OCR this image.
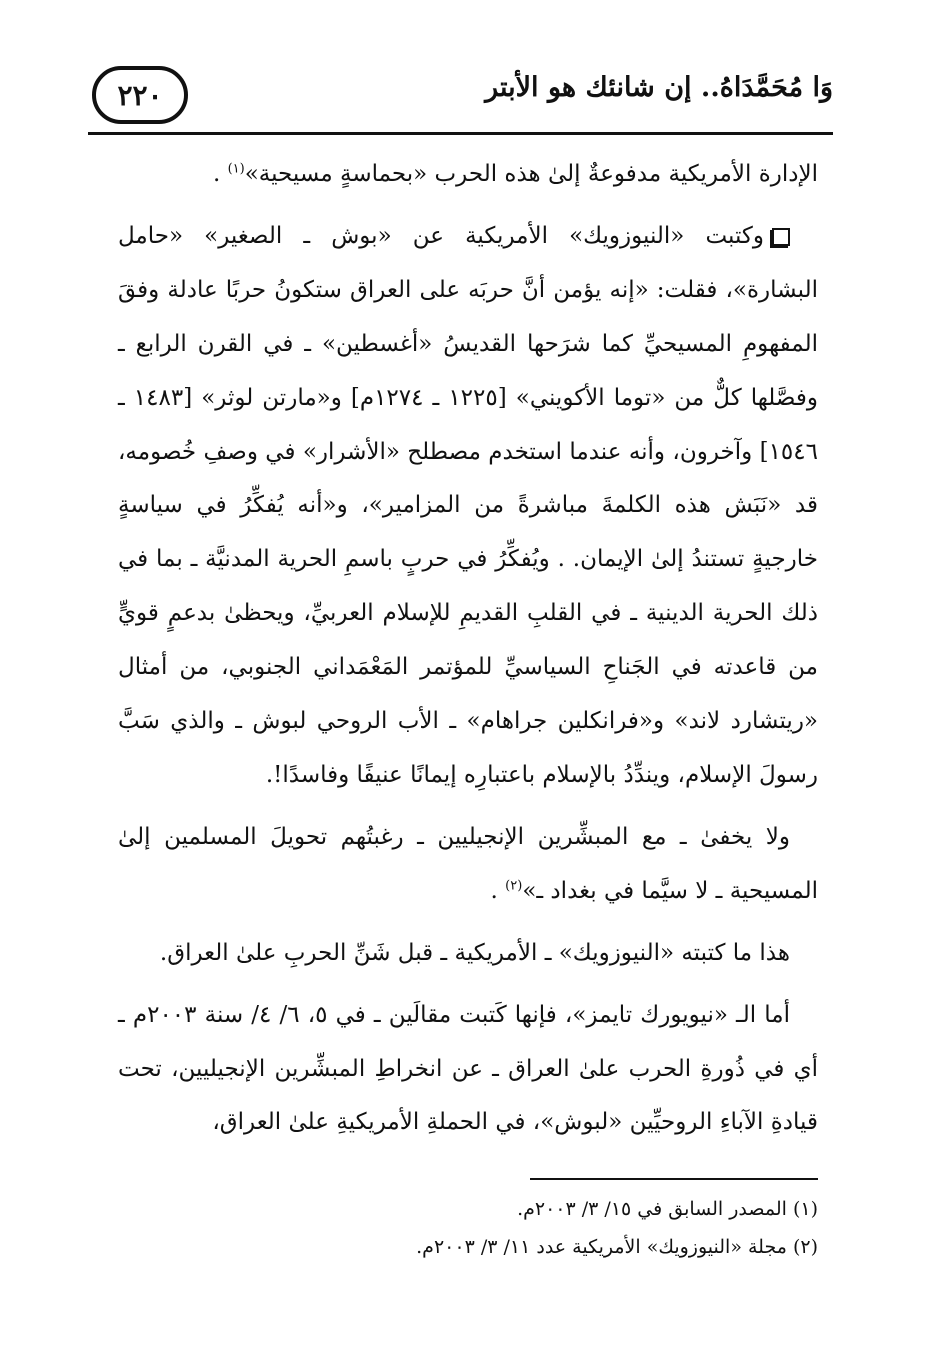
وَا مُحَمَّدَاهُ.. إن شانئك هو الأبتر
٢٢٠

الإدارة الأمريكية مدفوعةٌ إلىٰ هذه الحرب «بحماسةٍ مسيحية»$^{(١)}$ .

وكتبت «النيوزويك» الأمريكية عن «بوش ـ الصغير» «حامل البشارة»، فقلت: «إنه يؤمن أنَّ حربَه على العراق ستكونُ حربًا عادلة وفقَ المفهومِ المسيحيِّ كما شرَحها القديسُ «أغسطين» ـ في القرن الرابع ـ وفصَّلها كلٌّ من «توما الأكويني» [١٢٢٥ ـ ١٢٧٤م] و«مارتن لوثر» [١٤٨٣ ـ ١٥٤٦] وآخرون، وأنه عندما استخدم مصطلح «الأشرار» في وصفِ خُصومه، قد «نَبَش هذه الكلمةَ مباشرةً من المزامير»، و«أنه يُفكِّرُ في سياسةٍ خارجيةٍ تستندُ إلىٰ الإيمان. . ويُفكِّرُ في حربٍ باسمِ الحرية المدنيَّة ـ بما في ذلك الحرية الدينية ـ في القلبِ القديمِ للإسلام العربيِّ، ويحظىٰ بدعمٍ قويٍّ من قاعدته في الجَناحِ السياسيِّ للمؤتمر المَعْمَداني الجنوبي، من أمثال «ريتشارد لاند» و«فرانكلين جراهام» ـ الأب الروحي لبوش ـ والذي سَبَّ رسولَ الإسلام، ويندِّدُ بالإسلام باعتبارِه إيمانًا عنيفًا وفاسدًا!.

ولا يخفىٰ ـ مع المبشِّرين الإنجيليين ـ رغبتُهم تحويلَ المسلمين إلىٰ المسيحية ـ لا سيَّما في بغداد ـ»$^{(٢)}$ .

هذا ما كتبته «النيوزويك» ـ الأمريكية ـ قبل شَنِّ الحربِ علىٰ العراق.

أما الـ «نيويورك تايمز»، فإنها كَتبت مقالَين ـ في ٥، ٦/ ٤/ سنة ٢٠٠٣م ـ أي في ذُورةِ الحرب علىٰ العراق ـ عن انخراطِ المبشِّرين الإنجيليين، تحت قيادةِ الآباءِ الروحيِّين «لبوش»، في الحملةِ الأمريكيةِ علىٰ العراق،

(١) المصدر السابق في ١٥/ ٣/ ٢٠٠٣م.
(٢) مجلة «النيوزويك» الأمريكية عدد ١١/ ٣/ ٢٠٠٣م.
